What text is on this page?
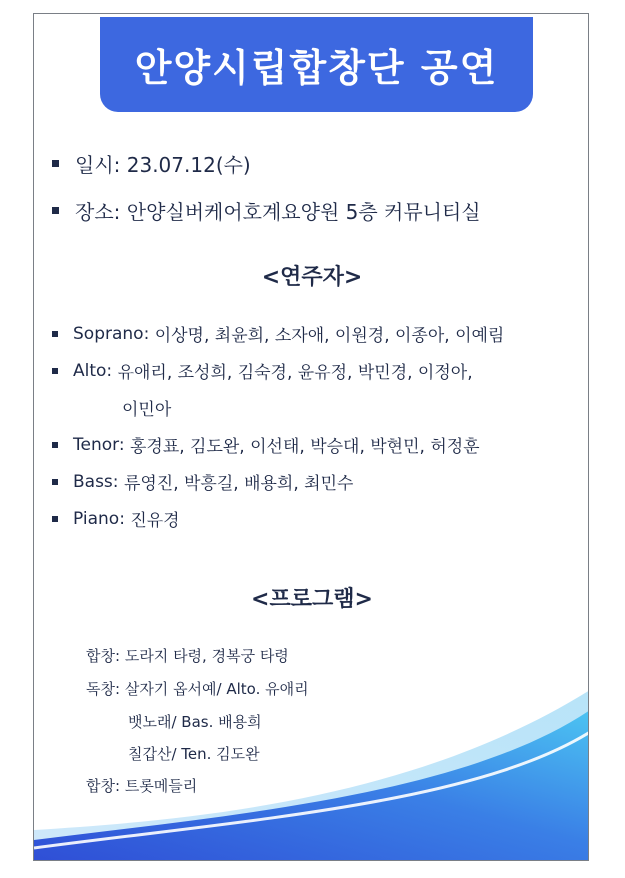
안양시립합창단 공연
일시:
23.07.12(수)
장소:
안양실버케어호계요양원 5층 커뮤니티실
<연주자>
Soprano:
이상명, 최윤희, 소자애, 이원경, 이종아, 이예림
Alto:
유애리, 조성희, 김숙경, 윤유정, 박민경, 이정아,
이민아
Tenor:
홍경표, 김도완, 이선태, 박승대, 박현민, 허정훈
Bass:
류영진, 박흥길, 배용희, 최민수
Piano:
진유경
<프로그램>
합창: 도라지 타령, 경복궁 타령
독창: 살자기 옵서예/ Alto. 유애리
뱃노래/ Bas. 배용희
칠갑산/ Ten. 김도완
합창: 트롯메들리
